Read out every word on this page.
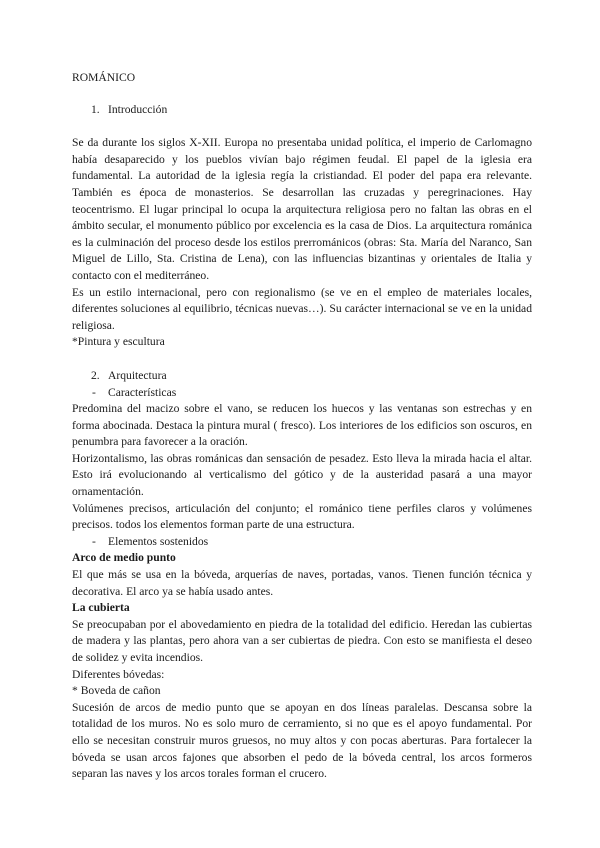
ROMÁNICO

1. Introducción

Se da durante los siglos X-XII. Europa no presentaba unidad política, el imperio de Carlomagno había desaparecido y los pueblos vivían bajo régimen feudal. El papel de la iglesia era fundamental. La autoridad de la iglesia regía la cristiandad. El poder del papa era relevante. También es época de monasterios. Se desarrollan las cruzadas y peregrinaciones. Hay teocentrismo. El lugar principal lo ocupa la arquitectura religiosa pero no faltan las obras en el ámbito secular, el monumento público por excelencia es la casa de Dios. La arquitectura románica es la culminación del proceso desde los estilos prerrománicos (obras: Sta. María del Naranco, San Miguel de Lillo, Sta. Cristina de Lena), con las influencias bizantinas y orientales de Italia y contacto con el mediterráneo.

Es un estilo internacional, pero con regionalismo (se ve en el empleo de materiales locales, diferentes soluciones al equilibrio, técnicas nuevas…). Su carácter internacional se ve en la unidad religiosa.

*Pintura y escultura

2. Arquitectura

- Características

Predomina del macizo sobre el vano, se reducen los huecos y las ventanas son estrechas y en forma abocinada. Destaca la pintura mural ( fresco). Los interiores de los edificios son oscuros, en penumbra para favorecer a la oración.

Horizontalismo, las obras románicas dan sensación de pesadez. Esto lleva la mirada hacia el altar. Esto irá evolucionando al verticalismo del gótico y de la austeridad pasará a una mayor ornamentación.

Volúmenes precisos, articulación del conjunto; el románico tiene perfiles claros y volúmenes precisos. todos los elementos forman parte de una estructura.

- Elementos sostenidos

Arco de medio punto

El que más se usa en la bóveda, arquerías de naves, portadas, vanos. Tienen función técnica y decorativa. El arco ya se había usado antes.

La cubierta

Se preocupaban por el abovedamiento en piedra de la totalidad del edificio. Heredan las cubiertas de madera y las plantas, pero ahora van a ser cubiertas de piedra. Con esto se manifiesta el deseo de solidez y evita incendios.

Diferentes bóvedas:

* Boveda de cañon

Sucesión de arcos de medio punto que se apoyan en dos líneas paralelas. Descansa sobre la totalidad de los muros. No es solo muro de cerramiento, si no que es el apoyo fundamental. Por ello se necesitan construir muros gruesos, no muy altos y con pocas aberturas. Para fortalecer la bóveda se usan arcos fajones que absorben el pedo de la bóveda central, los arcos formeros separan las naves y los arcos torales forman el crucero.
